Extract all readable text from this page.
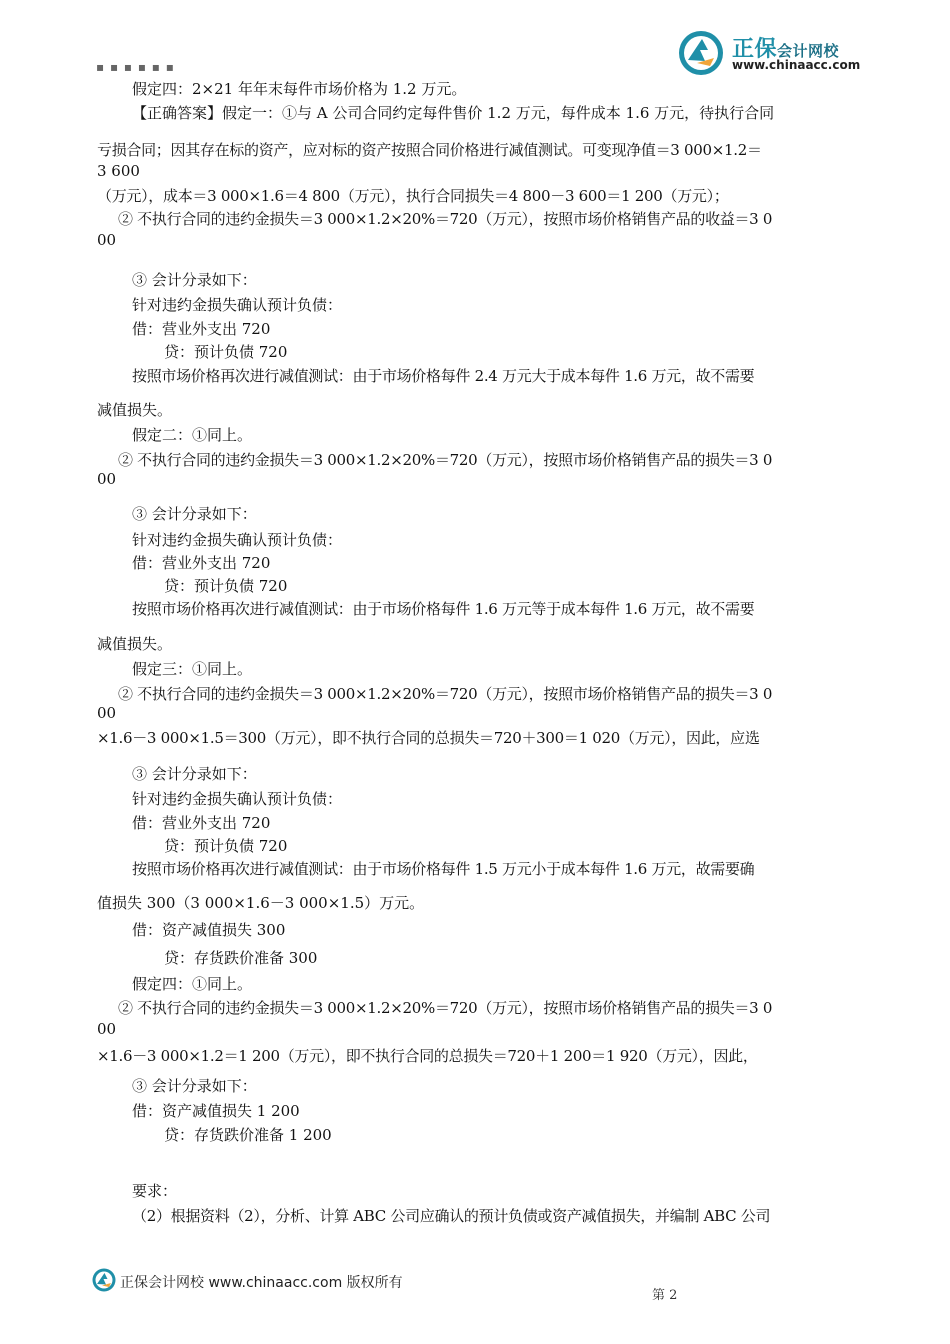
正保会计网校
www.chinaacc.com
▪ ▪ ▪ ▪ ▪ ▪
假定四：2×21 年年末每件市场价格为 1.2 万元。
【正确答案】假定一：①与 A 公司合同约定每件售价 1.2 万元，每件成本 1.6 万元，待执行合同
亏损合同；因其存在标的资产，应对标的资产按照合同价格进行减值测试。可变现净值＝3 000×1.2＝
3 600
（万元），成本＝3 000×1.6＝4 800（万元），执行合同损失＝4 800－3 600＝1 200（万元）；
② 不执行合同的违约金损失＝3 000×1.2×20%＝720（万元），按照市场价格销售产品的收益＝3 0
00
③ 会计分录如下：
针对违约金损失确认预计负债：
借：营业外支出 720
贷：预计负债 720
按照市场价格再次进行减值测试：由于市场价格每件 2.4 万元大于成本每件 1.6 万元，故不需要
减值损失。
假定二：①同上。
② 不执行合同的违约金损失＝3 000×1.2×20%＝720（万元），按照市场价格销售产品的损失＝3 0
00
③ 会计分录如下：
针对违约金损失确认预计负债：
借：营业外支出 720
贷：预计负债 720
按照市场价格再次进行减值测试：由于市场价格每件 1.6 万元等于成本每件 1.6 万元，故不需要
减值损失。
假定三：①同上。
② 不执行合同的违约金损失＝3 000×1.2×20%＝720（万元），按照市场价格销售产品的损失＝3 0
00
×1.6－3 000×1.5＝300（万元），即不执行合同的总损失＝720＋300＝1 020（万元），因此，应选
③ 会计分录如下：
针对违约金损失确认预计负债：
借：营业外支出 720
贷：预计负债 720
按照市场价格再次进行减值测试：由于市场价格每件 1.5 万元小于成本每件 1.6 万元，故需要确
值损失 300（3 000×1.6－3 000×1.5）万元。
借：资产减值损失 300
贷：存货跌价准备 300
假定四：①同上。
② 不执行合同的违约金损失＝3 000×1.2×20%＝720（万元），按照市场价格销售产品的损失＝3 0
00
×1.6－3 000×1.2＝1 200（万元），即不执行合同的总损失＝720＋1 200＝1 920（万元），因此，
③ 会计分录如下：
借：资产减值损失 1 200
贷：存货跌价准备 1 200
要求：
（2）根据资料（2），分析、计算 ABC 公司应确认的预计负债或资产减值损失，并编制 ABC 公司
正保会计网校 www.chinaacc.com 版权所有
第 2
